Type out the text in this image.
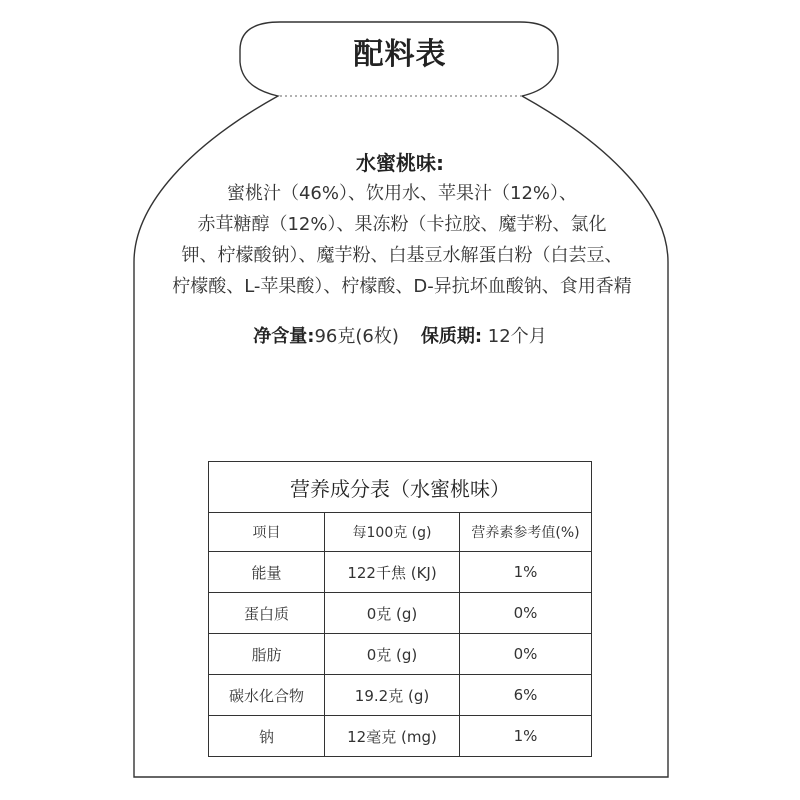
配料表
水蜜桃味:
蜜桃汁（46%）、饮用水、苹果汁（12%）、
赤茸糖醇（12%）、果冻粉（卡拉胶、魔芋粉、氯化
钾、柠檬酸钠）、魔芋粉、白基豆水解蛋白粉（白芸豆、
柠檬酸、L-苹果酸）、柠檬酸、D-异抗坏血酸钠、食用香精
净含量:96克(6枚) 保质期: 12个月
营养成分表（水蜜桃味）		
项目	每100克 (g)	营养素参考值(%)
能量	122千焦 (KJ)	1%
蛋白质	0克 (g)	0%
脂肪	0克 (g)	0%
碳水化合物	19.2克 (g)	6%
钠	12毫克 (mg)	1%
